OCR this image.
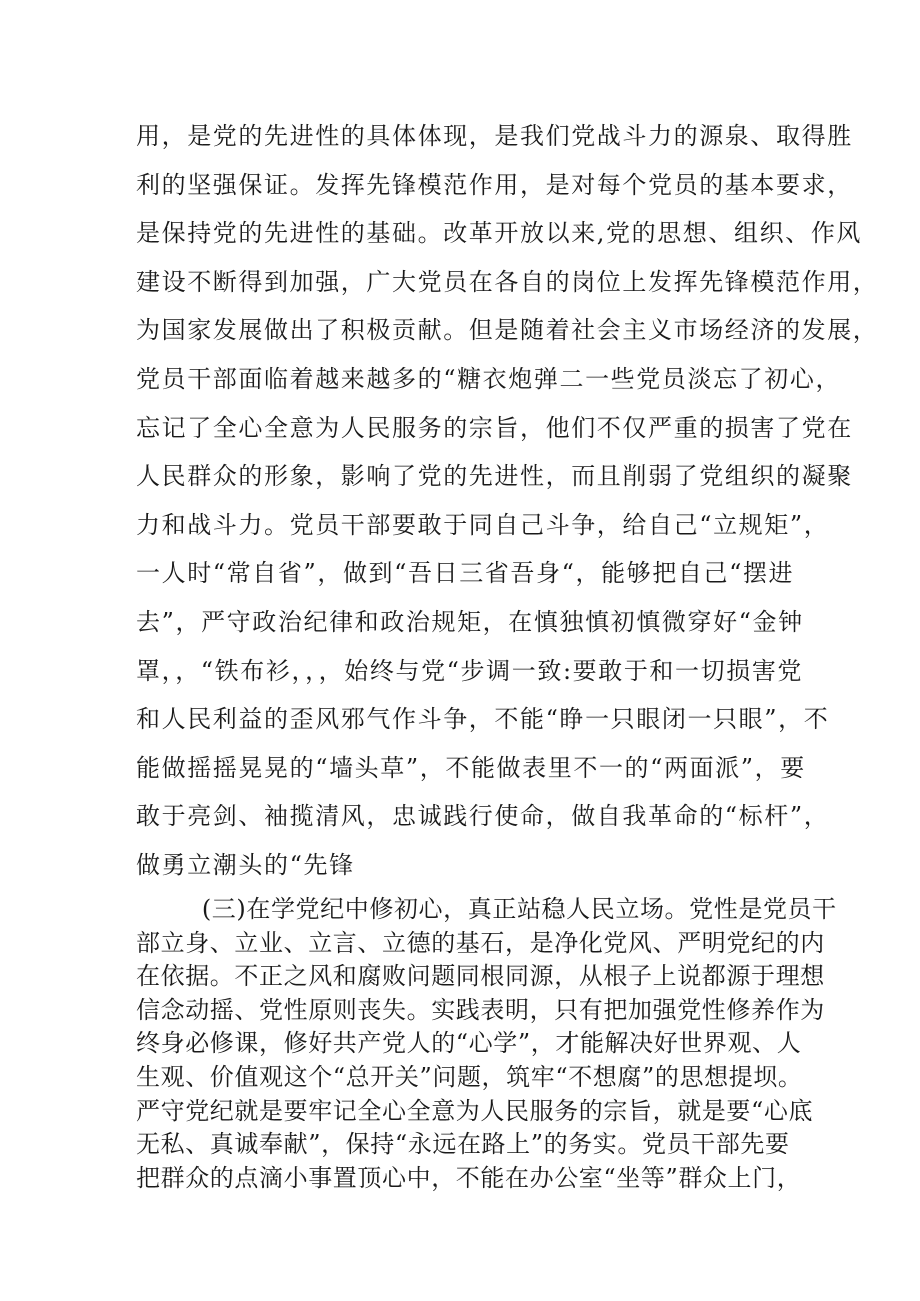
用，是党的先进性的具体体现，是我们党战斗力的源泉、取得胜
利的坚强保证。发挥先锋模范作用，是对每个党员的基本要求，
是保持党的先进性的基础。改革开放以来,党的思想、组织、作风
建设不断得到加强，广大党员在各自的岗位上发挥先锋模范作用，
为国家发展做出了积极贡献。但是随着社会主义市场经济的发展，
党员干部面临着越来越多的“糖衣炮弹二一些党员淡忘了初心，
忘记了全心全意为人民服务的宗旨，他们不仅严重的损害了党在
人民群众的形象，影响了党的先进性，而且削弱了党组织的凝聚
力和战斗力。党员干部要敢于同自己斗争，给自己“立规矩”，
一人时“常自省”，做到“吾日三省吾身“，能够把自己“摆进
去”，严守政治纪律和政治规矩，在慎独慎初慎微穿好“金钟
罩，，“铁布衫，，，始终与党“步调一致:要敢于和一切损害党
和人民利益的歪风邪气作斗争，不能“睁一只眼闭一只眼”，不
能做摇摇晃晃的“墙头草”，不能做表里不一的“两面派”，要
敢于亮剑、袖揽清风，忠诚践行使命，做自我革命的“标杆”，
做勇立潮头的“先锋
(三)在学党纪中修初心，真正站稳人民立场。党性是党员干
部立身、立业、立言、立德的基石，是净化党风、严明党纪的内
在依据。不正之风和腐败问题同根同源，从根子上说都源于理想
信念动摇、党性原则丧失。实践表明，只有把加强党性修养作为
终身必修课，修好共产党人的“心学”，才能解决好世界观、人
生观、价值观这个“总开关”问题，筑牢“不想腐”的思想提坝。
严守党纪就是要牢记全心全意为人民服务的宗旨，就是要“心底
无私、真诚奉献”，保持“永远在路上”的务实。党员干部先要
把群众的点滴小事置顶心中，不能在办公室“坐等”群众上门，
